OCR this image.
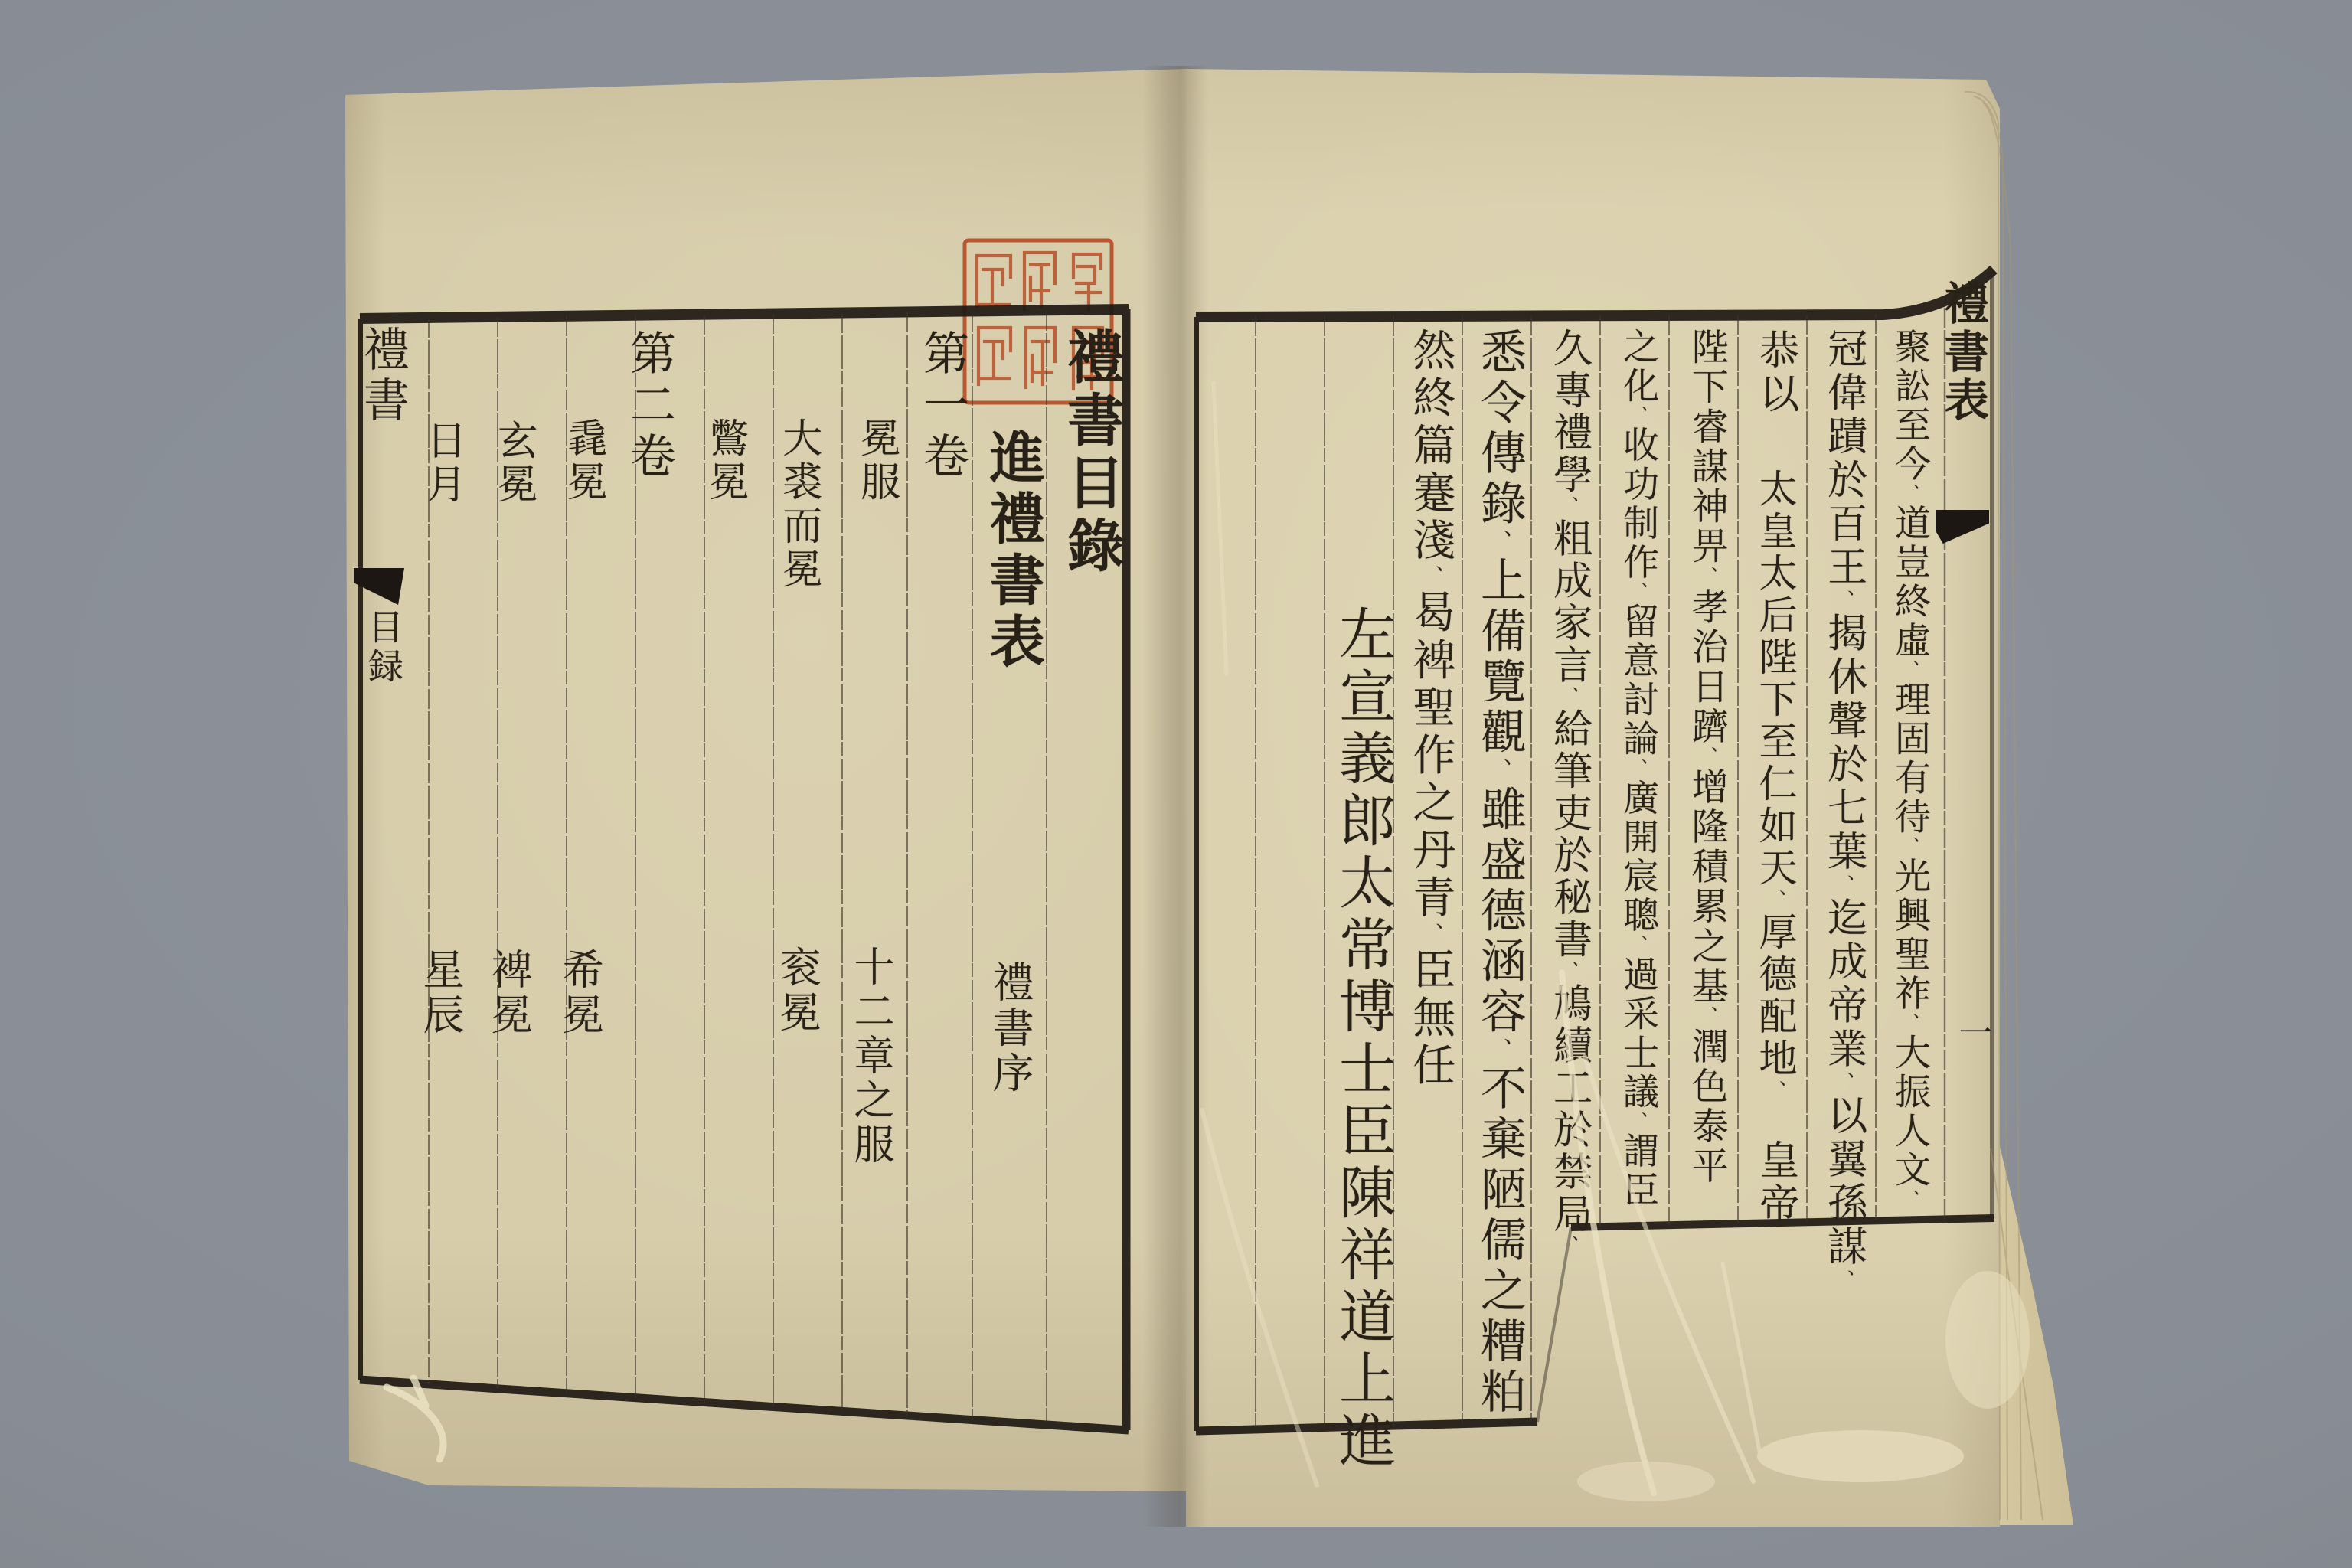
禮書
目録
禮書目錄
進禮書表
禮書序
第一卷
冕服
十二章之服
大裘而冕
衮冕
鷩冕
第二卷
毳冕
希冕
玄冕
裨冕
日月
星辰
禮書表
一
聚訟至今、道豈終虛、理固有待、光興聖祚、大振人文、
冠偉蹟於百王、揭休聲於七葉、迄成帝業、以翼孫謀、
恭以
太皇太后陛下至仁如天、厚德配地、
皇帝
陛下睿謀神畀、孝治日躋、增隆積累之基、潤色泰平
之化、收功制作、留意討論、廣開宸聰、過采士議、謂臣
久專禮學、粗成家言、給筆吏於秘書、鳩續工於禁局、
悉令傳錄、上備覽觀、雖盛德涵容、不棄陋儒之糟粕、
然終篇蹇淺、曷裨聖作之丹青、臣無任
左宣義郎太常博士臣陳祥道上進
